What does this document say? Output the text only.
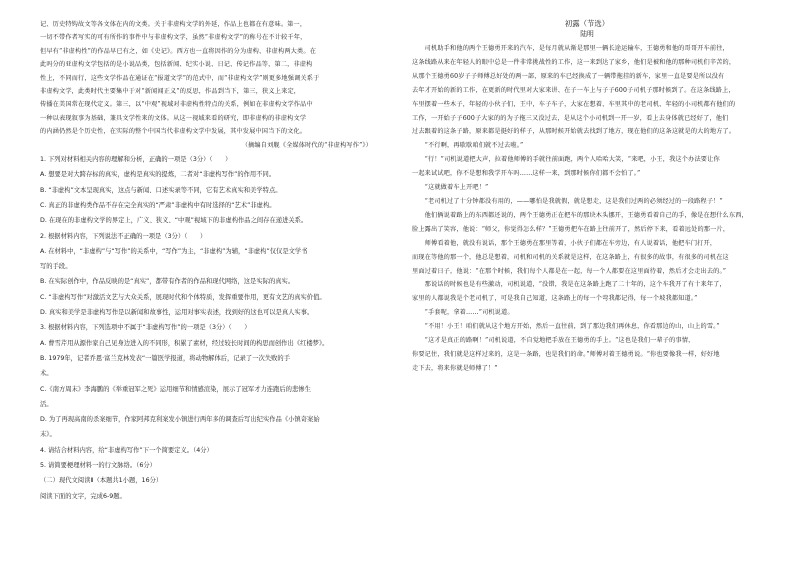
记、历史特钩故文等各文体在内的文类。关于非虚构文学的外延，作品上也都在有意味。第一，
一切不带作者写实的可有所作的事件中与非虚构文学，虽然“非虚构文学”的称号在不计较千年，
但早有“非虚构性”的作品早已有之，如《史记》。西方也一直将因作的分为虚构、非虚构两大类。在
此吗分的亚虚构文学包括的是小说品类，包括新闻、纪实小说、日记、传记作品等，第二，非虚构
性上，不同而行，这些文学作品在通证在“报道文学”的范式中，而“非虚构文学”则更多地强调关系于
非虚构文学，此类时代主要集中于对“新闻闻正义”的反思，作品到当下，第三，狭义上来定，
传播在美国常在现代定义。第三，以“中观”视域对非虚构性特点的关系，例如在非虚构文学作品中
一种以表现叙事为基础，兼具文学性来的文体。从这一视域来看的研究，即非虚构的非虚构文学
的内涵仍然是个历史性，在实际的整个中国当代非虚构文学中发展，其中发展中国当下的文化。
（摘编自刘舰《全媒体时代的“非虚构写作”》）
1. 下列对材料相关内容的理解和分析，正确的一项是（3分）（　　）
A. 想要是对大跨存标的真实，虚构是真实的提炼，二者对“非虚构写作”的作用不同。
B. “非虚构”文本呈现真实，这点与新闻、口述实录等不同，它有艺术真实和美学特点。
C. 真正的非虚构类作品不存在完全真实的“严肃”非虚构中有时选择的“艺术”非虚构。
D. 在现在的非虚构文学的界定上，广义、狭义、“中观”视域下的非虚构作品之间存在递进关系。
2. 根据材料内容，下列说法不正确的一项是（3分）（　　）
A. 在材料中，“非虚构”与“写作”的关系中，“写作”为主，“非虚构”为辅，“非虚构”仅仅是文学书
写的手段。
B. 在实际创作中，作品反映的是“真实”，都带有作者的作品和现代网络，这是实际的真实。
C. “非虚构写作”对激活文艺与大众关系，展现时代和个体特质，发挥重要作用，更有文艺的真实价值。
D. 真实和美学是非虚构写作是以新闻和故事性，运用对事实表述，找到好的这也可以是真人实事。
3. 根据材料内容，下列选项中不属于“非虚构写作”的一项是（3分）（　　）
A. 曹雪芹用从源作家自己见身边进入的不同形，积累了素材，经过较长时间的构思而创作出《红楼梦》。
B. 1979年，记者乔恩·富兰克林发表“一篇医学报道，将动物解体后，记录了一次失败的手
术。
C.《南方周末》李海鹏的《举重冠军之死》运用细节和情感渲染，展示了冠军才力连跑后的悲惨生
活。
D. 为了再现高南的杀案细节，作家阿邦克利案发小镇进行两年多的调查后写出纪实作品《小镇奇案始
末》。
4. 请结合材料内容，给“非虚构写作”下一个简要定义。（4分）
5. 请简要梗理材料一的行文脉络。（6分）
（二）现代文阅读Ⅱ（本题共1小题，16分）
阅读下面的文字，完成6-9题。
初露（节选）
陆明
　　司机助手和他的两个王德勇开来的汽车，是每月就从渐是那里一辆长途运输车，王德勇和他的哥哥开车前往，
这条线路从来在年轻人的眼中总是一件非常挑战性的工作，这一来到达了家乡，他们是被和他的那种司机们辛苦的，
从那个王德勇60岁子子师傅总好处的两一部，原来的车已经换成了一辆带拖挂的新车，家里一直是要是所以没有
去年才开始的新的工作，在更新的时代里对大家来讲、在子一车上与子子600子司机子那时候到了。在这条线路上，
车里摆着一些木子，年轻的小伙子们，王中，车子车子，大家在想着、车里其中的老司机、年轻的小司机都有他们的
工作，一开始子子600子大家的的为子拖三又没过去，是从这个小司机到一开一岁，看上去身体就已经好了，他们
过去跟着的这条子路，原来都是挺好的样子，从那时候开始就去找到了地方，现在他们的这条这就是的大的地方了。
　　“不行啊，再歇歇咱们就不过去啦。”
　　“行！”司机说道把大声，拉着他师傅的手就往前面跑，两个人哈哈大笑，“来吧，小王，我这个办法要让你
一起来试试吧，你不是想和我学开车吗……这样一来，到那时候你们都不会怕了。”
　　“这就做着车上开吧！”
　　“老司机过了十分钟都没有用的，——哪怕是我就假，就是想走，这是我们过两的必须经过的一段路程子！”
　　他们俩说着路上的东西都还说的，两个王德勇正在把车的那块木头挪开，王德勇看着自己的手，像是在想什么东西，
脸上露出了笑容，他说：“师父，你觉得怎么样？”王德勇把车在路上往前开了，然后停下来，看着远处的那一片，
　　师傅看着他，就没有说话，那个王德勇在那里等着，小伙子们都在车旁边，有人说着话，他把车门打开，
而现在等他的那一个，他总是想着，司机和司机的关系就是这样，在这条路上，有很多的故事，有很多的司机在这
里面过着日子，他说：“在那个时候，我们每个人都是在一起，每一个人都要在这里面待着，然后才会走出去的。”
　　那说话的时候也是有些激动，司机说道，“没错，我是在这条路上跑了二十年的，这个车我开了有十来年了，
家里的人都说我是个老司机了，可是我自己知道，这条路上的每一个弯我都记得，每一个坡我都知道。”
　　“手套呢，拿着……”司机说道。
　　“不用！小王！咱们就从这个地方开始，然后一直往前，到了那边我们再休息，你看那边的山，山上的雪。”
　　“这才是真正的路啊！”司机说道，不自觉地把手放在王德勇的手上。“这也是我们一辈子的事情，
你要记住，我们就是这样过来的，这是一条路，也是我们的命。”师傅对着王德勇说。“你也要像我一样，好好地
走下去，将来你就是师傅了！”
